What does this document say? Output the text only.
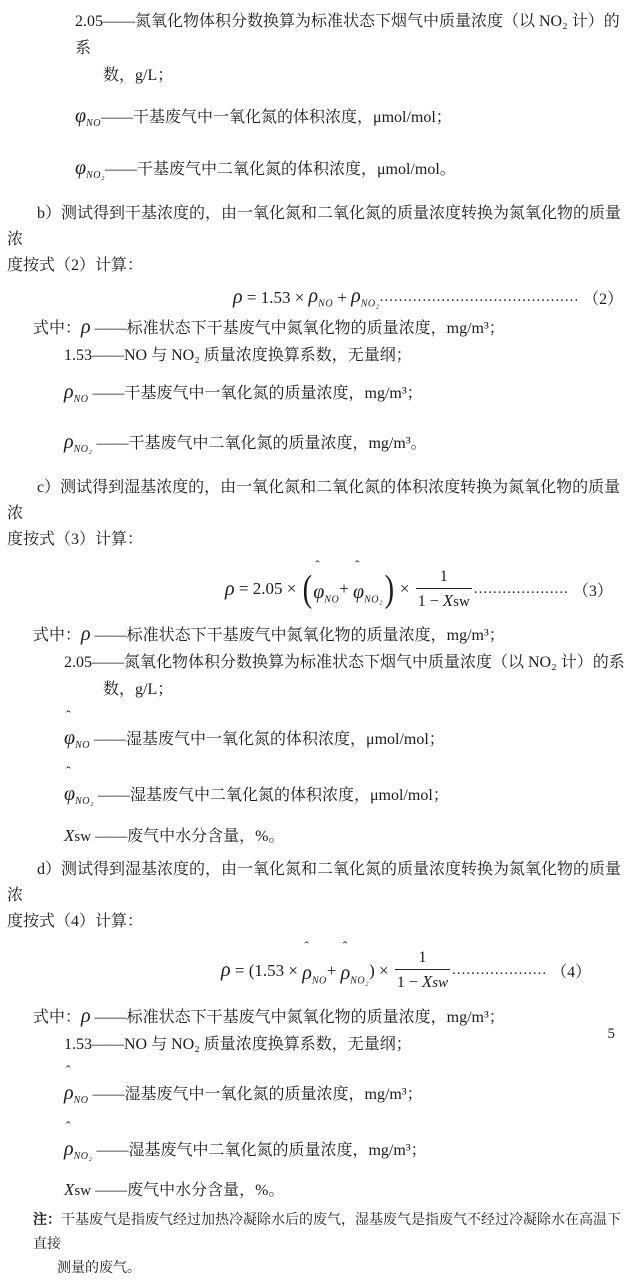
2.05——氮氧化物体积分数换算为标准状态下烟气中质量浓度（以 NO₂ 计）的系
数，g/L；
$\varphi_{NO}——$干基废气中一氧化氮的体积浓度，μmol/mol；
$\varphi_{NO_2}——$干基废气中二氧化氮的体积浓度，μmol/mol。
b）测试得到干基浓度的，由一氧化氮和二氧化氮的质量浓度转换为氮氧化物的质量浓
度按式（2）计算：
$\rho = 1.53 \times \rho_{NO} + \rho_{NO_2}$ .......................................... （2）
式中：ρ ——标准状态下干基废气中氮氧化物的质量浓度，mg/m³；
1.53——NO 与 NO₂ 质量浓度换算系数，无量纲；
$\rho_{NO}$ ——干基废气中一氧化氮的质量浓度，mg/m³；
$\rho_{NO_2}$ ——干基废气中二氧化氮的质量浓度，mg/m³。
c）测试得到湿基浓度的，由一氧化氮和二氧化氮的体积浓度转换为氮氧化物的质量浓
度按式（3）计算：
ρ = 2.05 × (
ˆ
$\varphi_{NO}$
+
ˆ
$\varphi_{NO_2}$ ) × $\frac{1}{\text{1 − Xsw}}$ .................... （3）
式中：ρ ——标准状态下干基废气中氮氧化物的质量浓度，mg/m³；
2.05——氮氧化物体积分数换算为标准状态下烟气中质量浓度（以 NO₂ 计）的系
数，g/L；
ˆ
$\varphi_{NO}$ ——湿基废气中一氧化氮的体积浓度，μmol/mol；
ˆ
$\varphi_{NO_2}$ ——湿基废气中二氧化氮的体积浓度，μmol/mol；
Xsw ——废气中水分含量，%。
d）测试得到湿基浓度的，由一氧化氮和二氧化氮的质量浓度转换为氮氧化物的质量浓
度按式（4）计算：
ρ = (1.53 ×
ˆ
$\rho_{NO}$
+
ˆ
$\rho_{NO_2}$
) × $\frac{1}{\text{1 − Xsw}}$ .................... （4）
式中：ρ ——标准状态下干基废气中氮氧化物的质量浓度，mg/m³；
1.53——NO 与 NO₂ 质量浓度换算系数，无量纲；
ˆ
$\rho_{NO}$ ——湿基废气中一氧化氮的质量浓度，mg/m³；
ˆ
$\rho_{NO_2}$ ——湿基废气中二氧化氮的质量浓度，mg/m³；
Xsw ——废气中水分含量，%。
注：干基废气是指废气经过加热冷凝除水后的废气，湿基废气是指废气不经过冷凝除水在高温下直接
测量的废气。
5
